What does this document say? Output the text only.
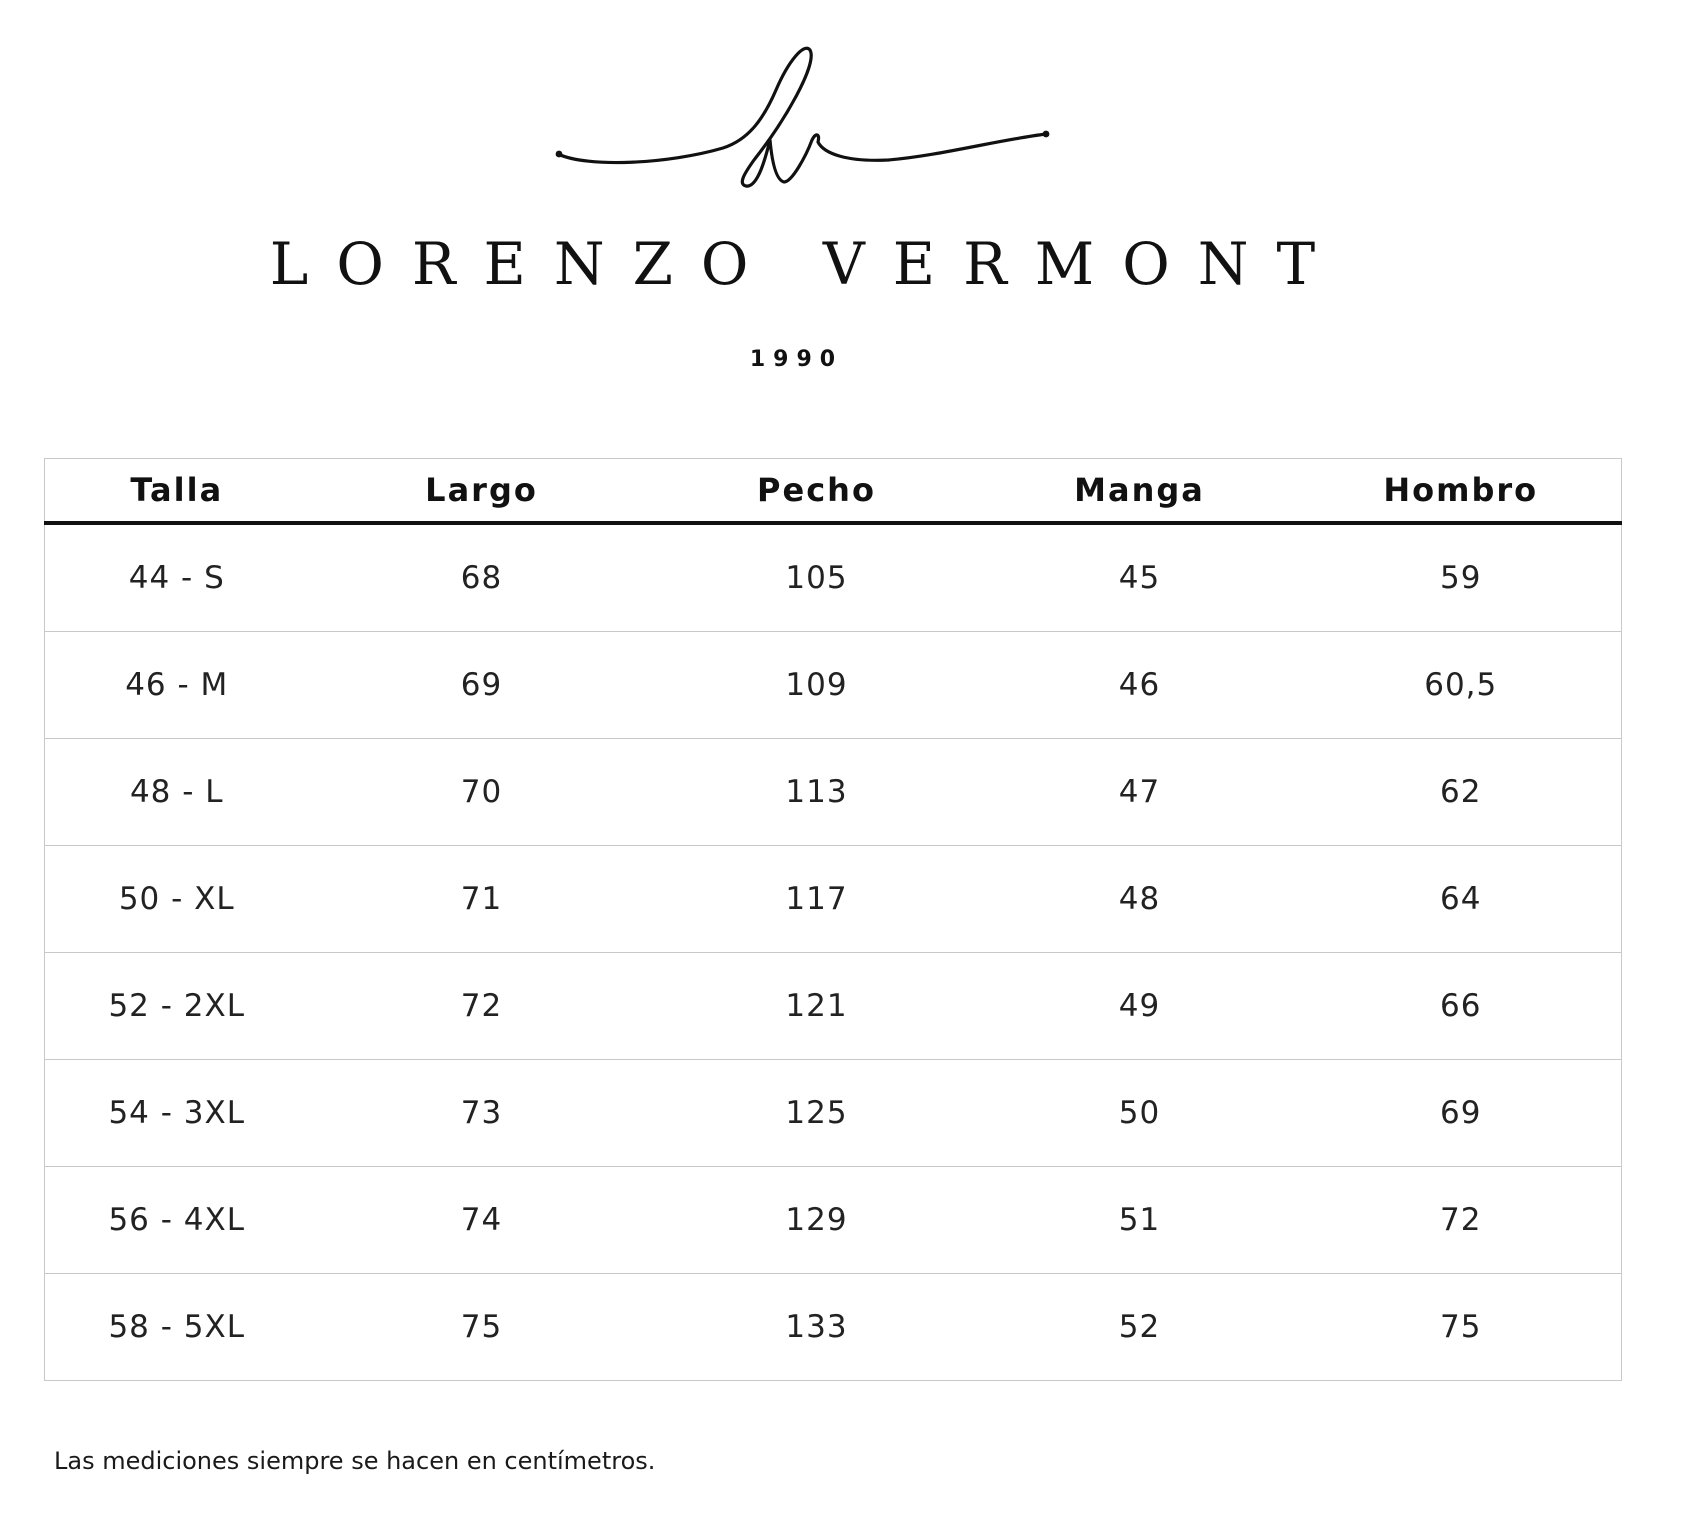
LORENZO VERMONT
1990
Talla	Largo	Pecho	Manga	Hombro
44 - S	68	105	45	59
46 - M	69	109	46	60,5
48 - L	70	113	47	62
50 - XL	71	117	48	64
52 - 2XL	72	121	49	66
54 - 3XL	73	125	50	69
56 - 4XL	74	129	51	72
58 - 5XL	75	133	52	75
Las mediciones siempre se hacen en centímetros.
